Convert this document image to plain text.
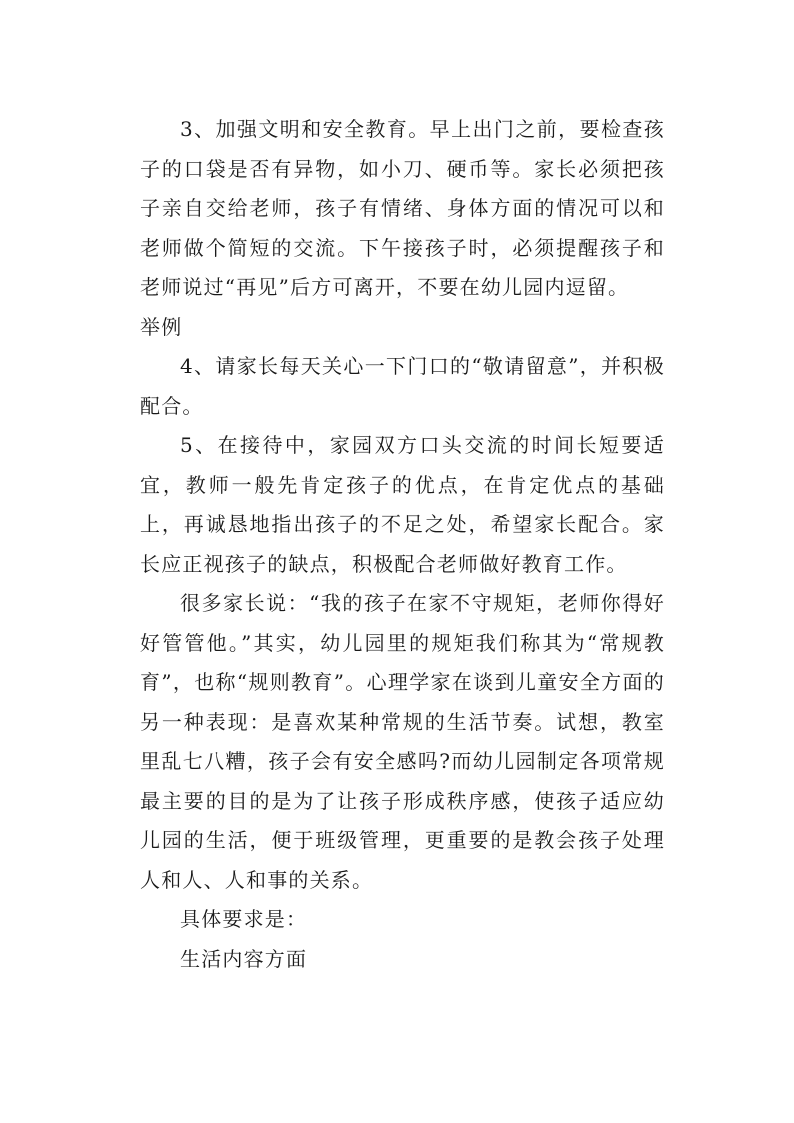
3、加强文明和安全教育。早上出门之前，要检查孩子的口袋是否有异物，如小刀、硬币等。家长必须把孩子亲自交给老师，孩子有情绪、身体方面的情况可以和老师做个简短的交流。下午接孩子时，必须提醒孩子和老师说过“再见”后方可离开，不要在幼儿园内逗留。

举例

4、请家长每天关心一下门口的“敬请留意”，并积极配合。

5、在接待中，家园双方口头交流的时间长短要适宜，教师一般先肯定孩子的优点，在肯定优点的基础上，再诚恳地指出孩子的不足之处，希望家长配合。家长应正视孩子的缺点，积极配合老师做好教育工作。

很多家长说：“我的孩子在家不守规矩，老师你得好好管管他。”其实，幼儿园里的规矩我们称其为“常规教育”，也称“规则教育”。心理学家在谈到儿童安全方面的另一种表现：是喜欢某种常规的生活节奏。试想，教室里乱七八糟，孩子会有安全感吗?而幼儿园制定各项常规最主要的目的是为了让孩子形成秩序感，使孩子适应幼儿园的生活，便于班级管理，更重要的是教会孩子处理人和人、人和事的关系。

具体要求是：

生活内容方面
